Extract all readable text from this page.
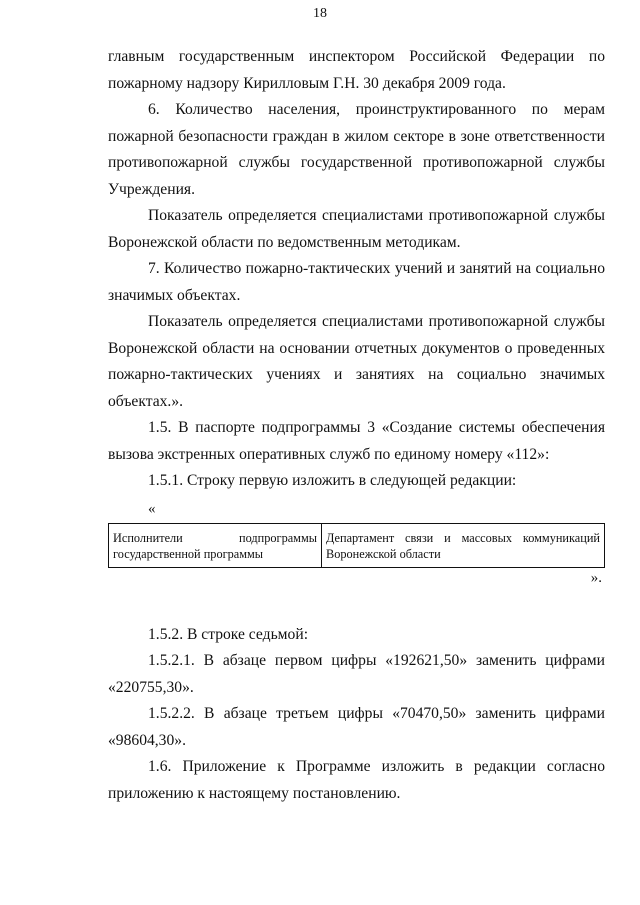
18

главным государственным инспектором Российской Федерации по

пожарному надзору Кирилловым Г.Н. 30 декабря 2009 года.

6. Количество населения, проинструктированного по мерам пожарной безопасности граждан в жилом секторе в зоне ответственности противопожарной службы государственной противопожарной службы Учреждения.

Показатель определяется специалистами противопожарной службы Воронежской области по ведомственным методикам.

7. Количество пожарно-тактических учений и занятий на социально значимых объектах.

Показатель определяется специалистами противопожарной службы Воронежской области на основании отчетных документов о проведенных пожарно-тактических учениях и занятиях на социально значимых объектах.».

1.5. В паспорте подпрограммы 3 «Создание системы обеспечения вызова экстренных оперативных служб по единому номеру «112»:

1.5.1. Строку первую изложить в следующей редакции:

«
Исполнители подпрограммы государственной программы	Департамент связи и массовых коммуникаций Воронежской области
».

1.5.2. В строке седьмой:

1.5.2.1. В абзаце первом цифры «192621,50» заменить цифрами «220755,30».

1.5.2.2. В абзаце третьем цифры «70470,50» заменить цифрами «98604,30».

1.6. Приложение к Программе изложить в редакции согласно приложению к настоящему постановлению.
